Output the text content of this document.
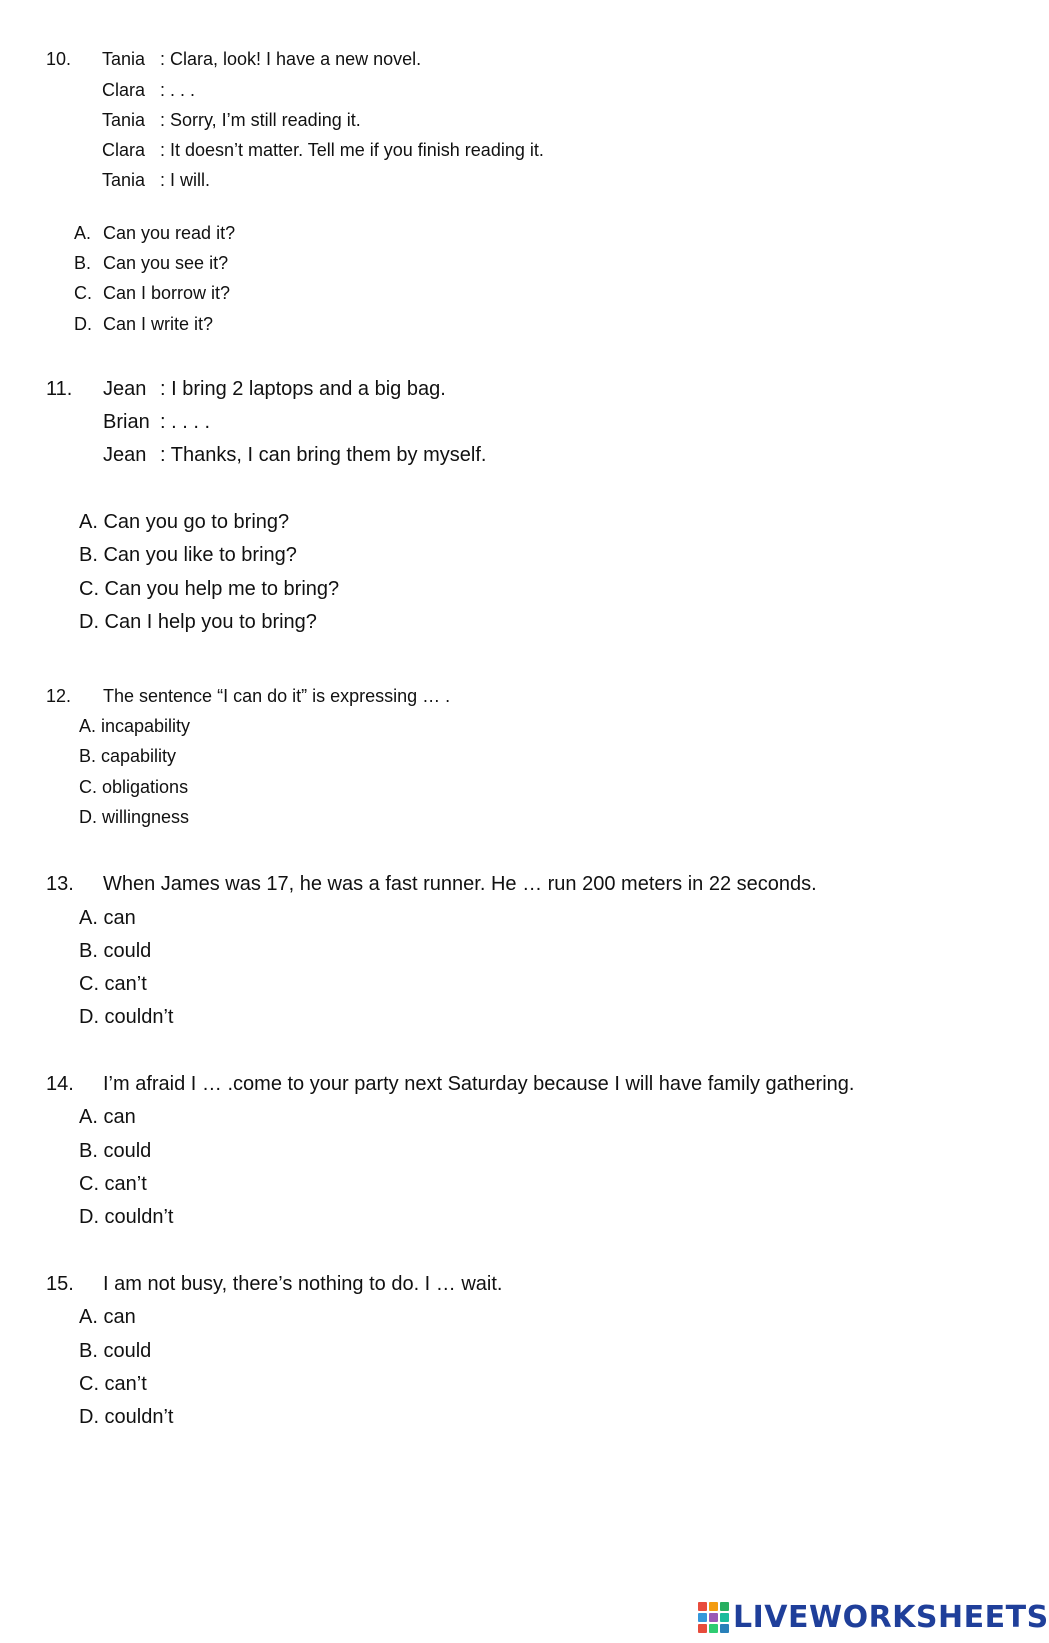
10. Tania : Clara, look! I have a new novel.
Clara : . . .
Tania : Sorry, I’m still reading it.
Clara : It doesn’t matter. Tell me if you finish reading it.
Tania : I will.
A. Can you read it?
B. Can you see it?
C. Can I borrow it?
D. Can I write it?
11. Jean : I bring 2 laptops and a big bag.
Brian : . . . .
Jean : Thanks, I can bring them by myself.
A. Can you go to bring?
B. Can you like to bring?
C. Can you help me to bring?
D. Can I help you to bring?
12. The sentence “I can do it” is expressing … .
A. incapability
B. capability
C. obligations
D. willingness
13. When James was 17, he was a fast runner. He … run 200 meters in 22 seconds.
A. can
B. could
C. can’t
D. couldn’t
14. I’m afraid I … .come to your party next Saturday because I will have family gathering.
A. can
B. could
C. can’t
D. couldn’t
15. I am not busy, there’s nothing to do. I … wait.
A. can
B. could
C. can’t
D. couldn’t
LIVEWORKSHEETS
